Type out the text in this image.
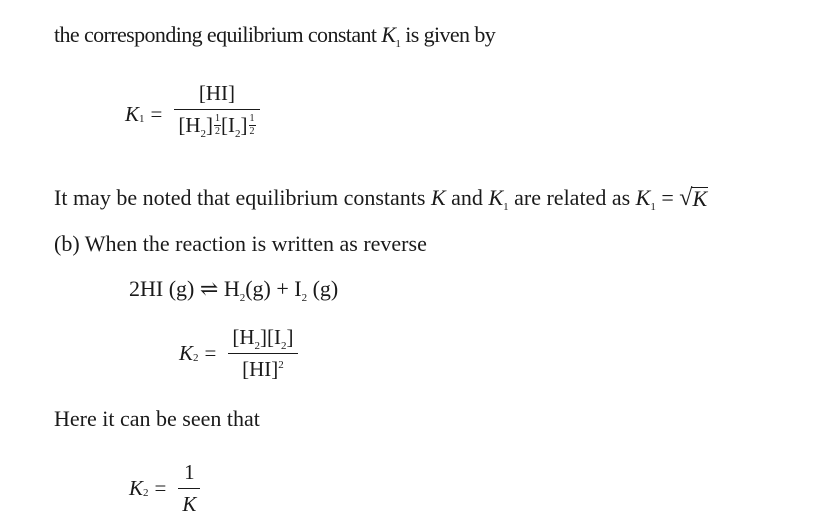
the corresponding equilibrium constant $K_1$ is given by
$K_1 = \frac{[HI]}{[H_2] \frac{1}{2} [I_2] \frac{1}{2}}$
It may be noted that equilibrium constants K and $K_1$ are related as $K_1$ = √ K
(b) When the reaction is written as reverse
2HI (g) ⇌ $H_2(g) + I_2$ (g)
$K_2 = \frac{[H_2][I_2]}{[HI]^2}$
Here it can be seen that
$K_2 = \frac{1}{K}$
